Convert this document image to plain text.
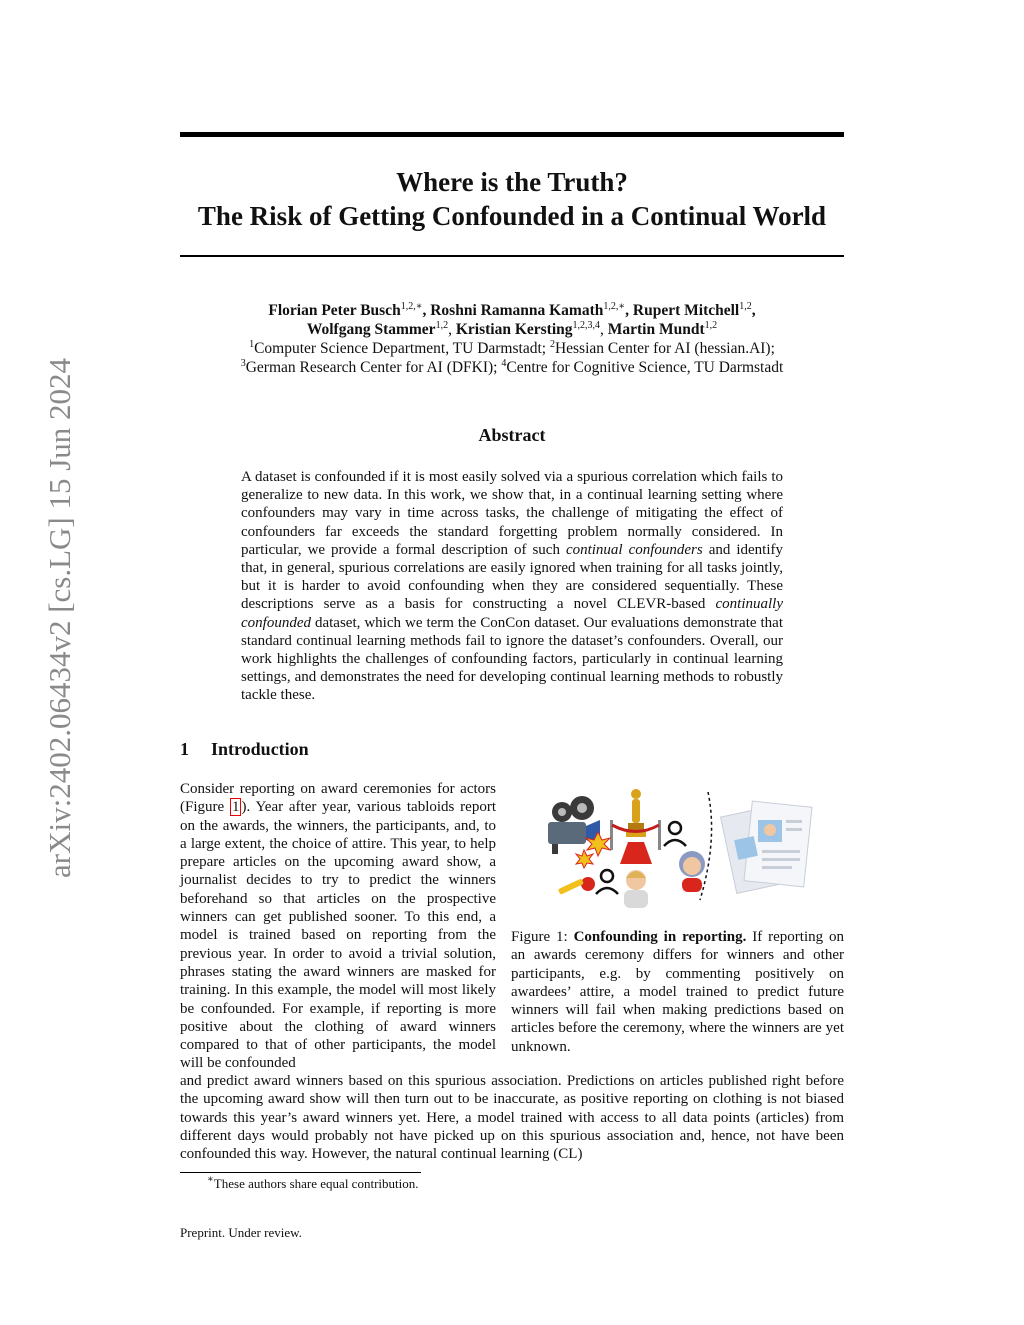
arXiv:2402.06434v2 [cs.LG] 15 Jun 2024
Where is the Truth?
The Risk of Getting Confounded in a Continual World
Florian Peter Busch$^{1,2,∗}$, Roshni Ramanna Kamath$^{1,2,∗}$, Rupert Mitchell$^{1,2}$,
Wolfgang Stammer$^{1,2}$, Kristian Kersting$^{1,2,3,4}$, Martin Mundt$^{1,2}$
$^1$Computer Science Department, TU Darmstadt; $^2$Hessian Center for AI (hessian.AI);
$^3$German Research Center for AI (DFKI); $^4$Centre for Cognitive Science, TU Darmstadt
Abstract
A dataset is confounded if it is most easily solved via a spurious correlation which fails to generalize to new data. In this work, we show that, in a continual learning setting where confounders may vary in time across tasks, the challenge of mitigating the effect of confounders far exceeds the standard forgetting problem normally considered. In particular, we provide a formal description of such continual confounders and identify that, in general, spurious correlations are easily ignored when training for all tasks jointly, but it is harder to avoid confounding when they are considered sequentially. These descriptions serve as a basis for constructing a novel CLEVR-based continually confounded dataset, which we term the ConCon dataset. Our evaluations demonstrate that standard continual learning methods fail to ignore the dataset’s confounders. Overall, our work highlights the challenges of confounding factors, particularly in continual learning settings, and demonstrates the need for developing continual learning methods to robustly tackle these.
1 Introduction
Consider reporting on award ceremonies for actors (Figure 1 ). Year after year, various tabloids report on the awards, the winners, the participants, and, to a large extent, the choice of attire. This year, to help prepare articles on the upcoming award show, a journalist decides to try to predict the winners beforehand so that articles on the prospective winners can get published sooner. To this end, a model is trained based on reporting from the previous year. In order to avoid a trivial solution, phrases stating the award winners are masked for training. In this example, the model will most likely be confounded. For example, if reporting is more positive about the clothing of award winners compared to that of other participants, the model will be confounded
Figure 1: Confounding in reporting. If reporting on an awards ceremony differs for winners and other participants, e.g. by commenting positively on awardees’ attire, a model trained to predict future winners will fail when making predictions based on articles before the ceremony, where the winners are yet unknown.
and predict award winners based on this spurious association. Predictions on articles published right before the upcoming award show will then turn out to be inaccurate, as positive reporting on clothing is not biased towards this year’s award winners yet. Here, a model trained with access to all data points (articles) from different days would probably not have picked up on this spurious association and, hence, not have been confounded this way. However, the natural continual learning (CL)
∗These authors share equal contribution.
Preprint. Under review.
